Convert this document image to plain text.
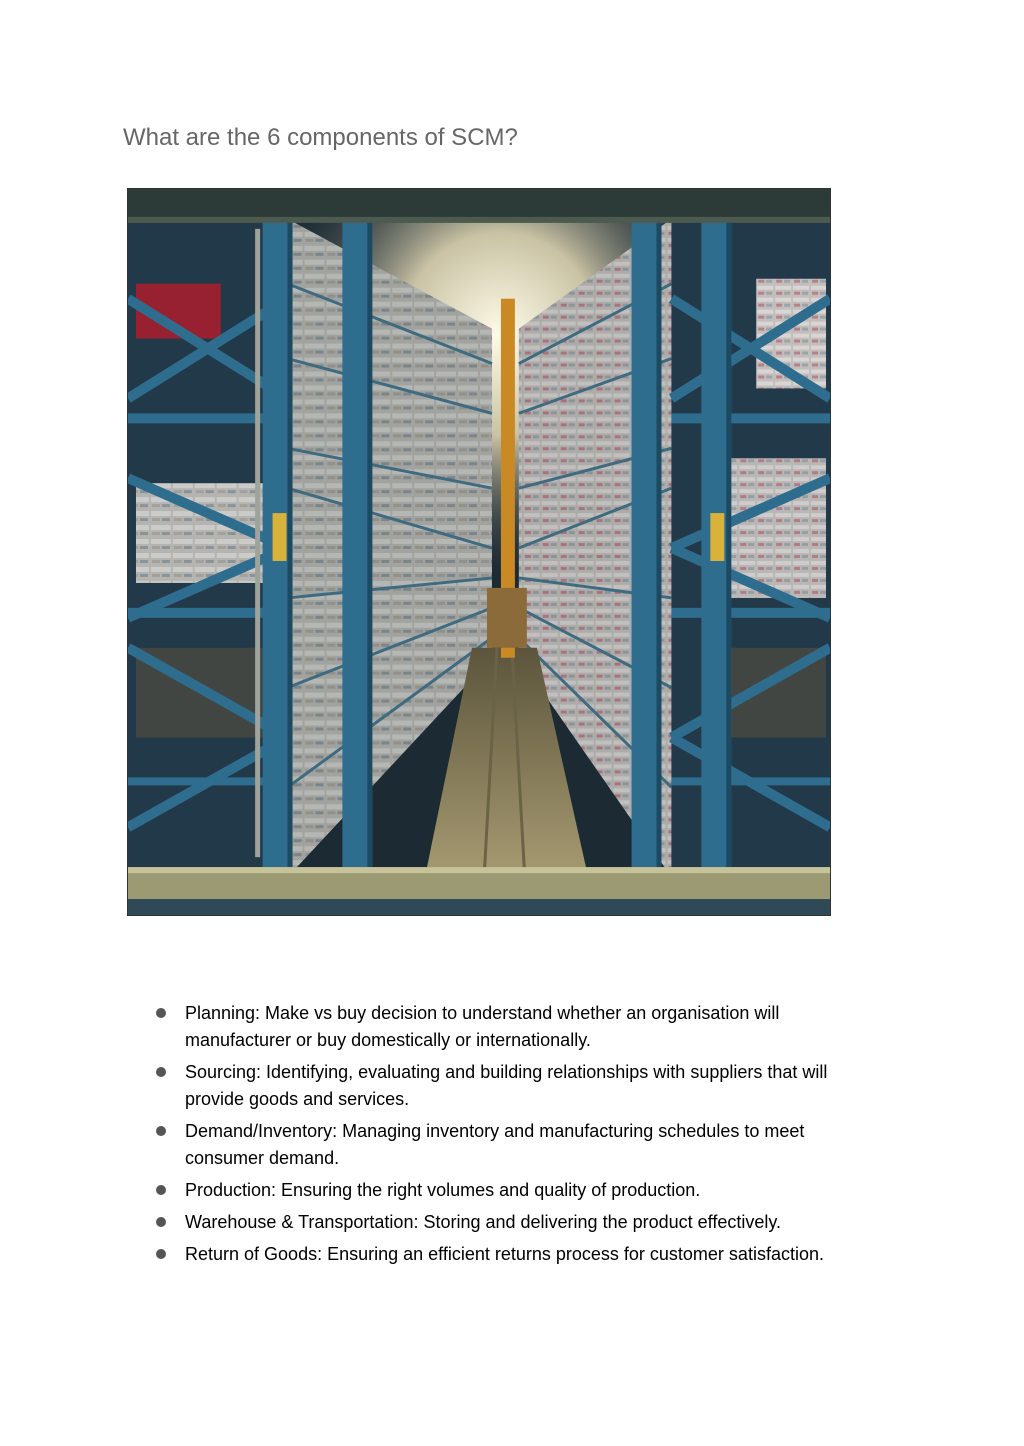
What are the 6 components of SCM?
Planning: Make vs buy decision to understand whether an organisation will manufacturer or buy domestically or internationally.
Sourcing: Identifying, evaluating and building relationships with suppliers that will provide goods and services.
Demand/Inventory: Managing inventory and manufacturing schedules to meet consumer demand.
Production: Ensuring the right volumes and quality of production.
Warehouse & Transportation: Storing and delivering the product effectively.
Return of Goods: Ensuring an efficient returns process for customer satisfaction.
